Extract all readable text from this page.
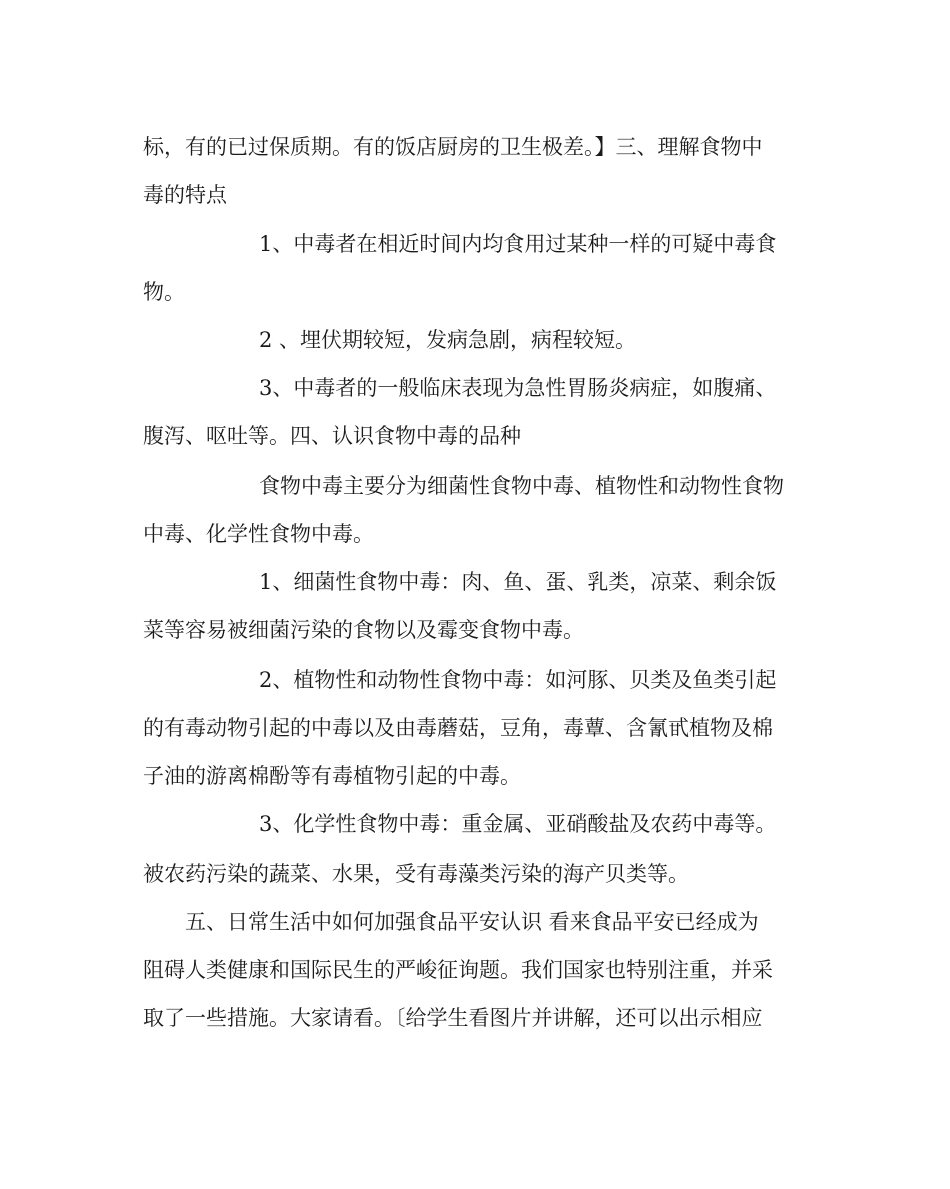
标，有的已过保质期。有的饭店厨房的卫生极差。】三、理解食物中
毒的特点
1、中毒者在相近时间内均食用过某种一样的可疑中毒食
物。
2 、埋伏期较短，发病急剧，病程较短。
3、中毒者的一般临床表现为急性胃肠炎病症，如腹痛、
腹泻、呕吐等。四、认识食物中毒的品种
食物中毒主要分为细菌性食物中毒、植物性和动物性食物
中毒、化学性食物中毒。
1、细菌性食物中毒：肉、鱼、蛋、乳类，凉菜、剩余饭
菜等容易被细菌污染的食物以及霉变食物中毒。
2、植物性和动物性食物中毒：如河豚、贝类及鱼类引起
的有毒动物引起的中毒以及由毒蘑菇，豆角，毒蕈、含氰甙植物及棉
子油的游离棉酚等有毒植物引起的中毒。
3、化学性食物中毒：重金属、亚硝酸盐及农药中毒等。
被农药污染的蔬菜、水果，受有毒藻类污染的海产贝类等。
五、日常生活中如何加强食品平安认识 看来食品平安已经成为
阻碍人类健康和国际民生的严峻征询题。我们国家也特别注重，并采
取了一些措施。大家请看。〔给学生看图片并讲解，还可以出示相应
